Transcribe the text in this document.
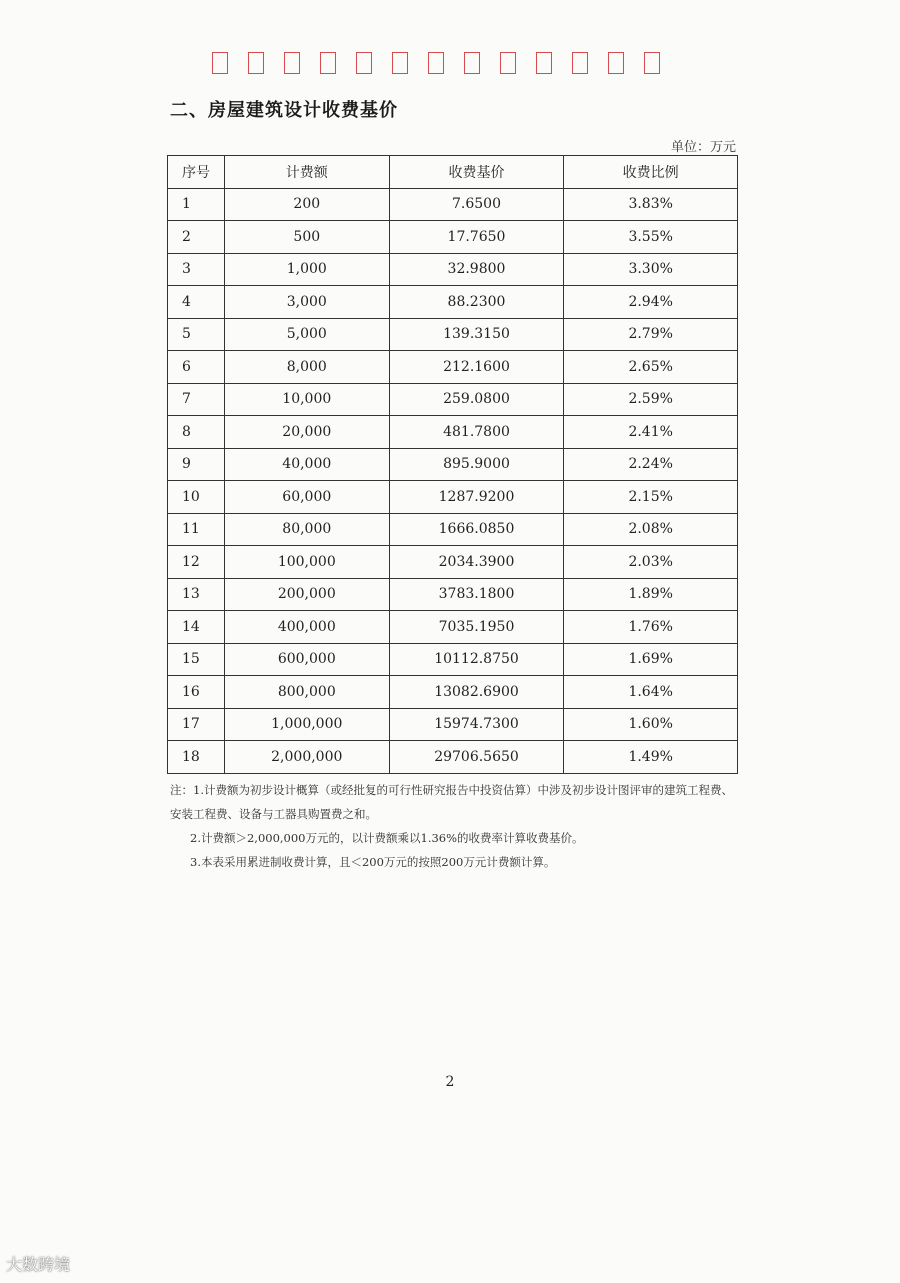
二、房屋建筑设计收费基价
单位：万元
序号	计费额	收费基价	收费比例
1	200	7.6500	3.83%
2	500	17.7650	3.55%
3	1,000	32.9800	3.30%
4	3,000	88.2300	2.94%
5	5,000	139.3150	2.79%
6	8,000	212.1600	2.65%
7	10,000	259.0800	2.59%
8	20,000	481.7800	2.41%
9	40,000	895.9000	2.24%
10	60,000	1287.9200	2.15%
11	80,000	1666.0850	2.08%
12	100,000	2034.3900	2.03%
13	200,000	3783.1800	1.89%
14	400,000	7035.1950	1.76%
15	600,000	10112.8750	1.69%
16	800,000	13082.6900	1.64%
17	1,000,000	15974.7300	1.60%
18	2,000,000	29706.5650	1.49%

注：1.计费额为初步设计概算（或经批复的可行性研究报告中投资估算）中涉及初步设计图评审的建筑工程费、安装工程费、设备与工器具购置费之和。

2.计费额＞2,000,000万元的，以计费额乘以1.36%的收费率计算收费基价。

3.本表采用累进制收费计算，且＜200万元的按照200万元计费额计算。

2
大数跨境
